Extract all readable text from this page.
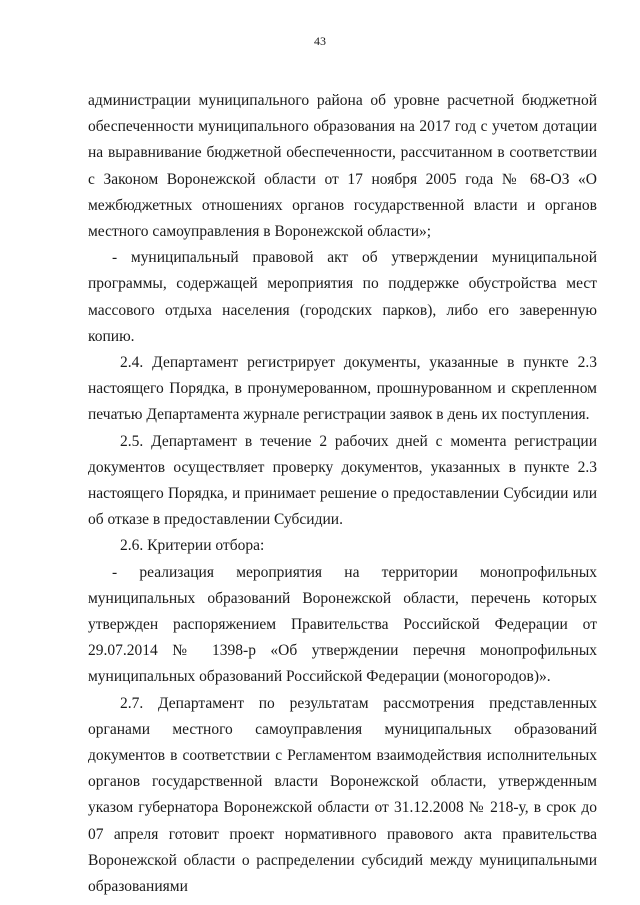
43

администрации муниципального района об уровне расчетной бюджетной обеспеченности муниципального образования на 2017 год с учетом дотации на выравнивание бюджетной обеспеченности, рассчитанном в соответствии с Законом Воронежской области от 17 ноября 2005 года № 68-ОЗ «О межбюджетных отношениях органов государственной власти и органов местного самоуправления в Воронежской области»;

- муниципальный правовой акт об утверждении муниципальной программы, содержащей мероприятия по поддержке обустройства мест массового отдыха населения (городских парков), либо его заверенную копию.

2.4. Департамент регистрирует документы, указанные в пункте 2.3 настоящего Порядка, в пронумерованном, прошнурованном и скрепленном печатью Департамента журнале регистрации заявок в день их поступления.

2.5. Департамент в течение 2 рабочих дней с момента регистрации документов осуществляет проверку документов, указанных в пункте 2.3 настоящего Порядка, и принимает решение о предоставлении Субсидии или об отказе в предоставлении Субсидии.

2.6. Критерии отбора:

- реализация мероприятия на территории монопрофильных муниципальных образований Воронежской области, перечень которых утвержден распоряжением Правительства Российской Федерации от 29.07.2014 № 1398-р «Об утверждении перечня монопрофильных муниципальных образований Российской Федерации (моногородов)».

2.7. Департамент по результатам рассмотрения представленных органами местного самоуправления муниципальных образований документов в соответствии с Регламентом взаимодействия исполнительных органов государственной власти Воронежской области, утвержденным указом губернатора Воронежской области от 31.12.2008 № 218-у, в срок до 07 апреля готовит проект нормативного правового акта правительства Воронежской области о распределении субсидий между муниципальными образованиями
